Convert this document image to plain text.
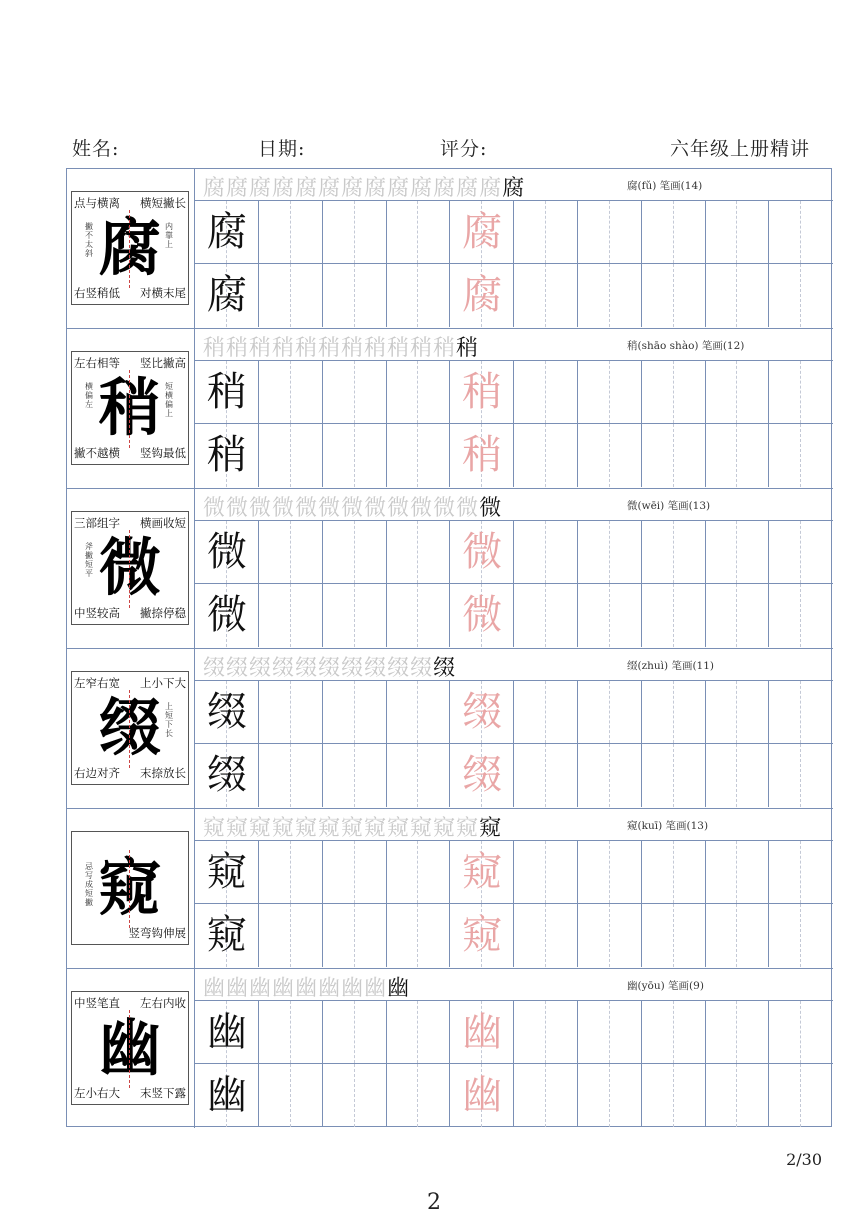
姓名:	日期:	评分:	六年级上册精讲
点与横离 横短撇长
右竖稍低 对横末尾
腐
撇不太斜
内靠上
腐腐腐腐腐腐腐腐腐腐腐腐腐腐	腐(fǔ) 笔画(14)
腐	腐
腐	腐
左右相等 竖比撇高
撇不越横 竖钩最低
稍
横偏左
短横偏上
稍稍稍稍稍稍稍稍稍稍稍稍	稍(shāo shào) 笔画(12)
稍	稍
稍	稍
三部组字 横画收短
中竖较高 撇捺停稳
微
斧撇短平
微微微微微微微微微微微微微	微(wēi) 笔画(13)
微	微
微	微
左窄右宽 上小下大
右边对齐 末捺放长
缀 上短下长
缀缀缀缀缀缀缀缀缀缀缀	缀(zhuì) 笔画(11)
缀	缀
缀	缀
竖弯钩伸展
窥
忌写成短撇
窥窥窥窥窥窥窥窥窥窥窥窥窥	窥(kuī) 笔画(13)
窥	窥
窥	窥
中竖笔直 左右内收
左小右大 末竖下露
幽
幽幽幽幽幽幽幽幽幽	幽(yōu) 笔画(9)
幽	幽
幽	幽
2/30
2
